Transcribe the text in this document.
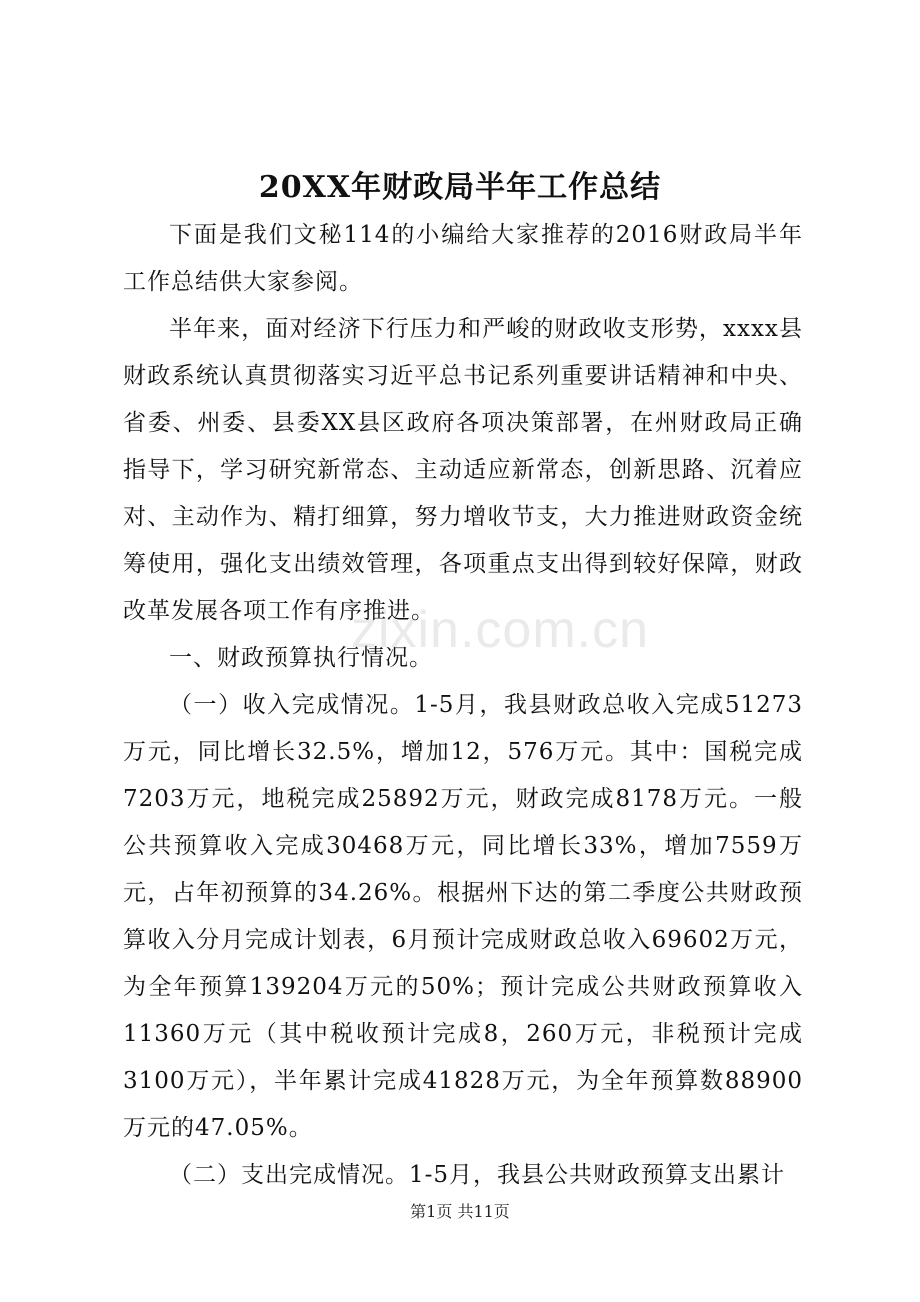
20XX年财政局半年工作总结

下面是我们文秘114的小编给大家推荐的2016财政局半年工作总结供大家参阅。

半年来，面对经济下行压力和严峻的财政收支形势，xxxx县财政系统认真贯彻落实习近平总书记系列重要讲话精神和中央、省委、州委、县委XX县区政府各项决策部署，在州财政局正确指导下，学习研究新常态、主动适应新常态，创新思路、沉着应对、主动作为、精打细算，努力增收节支，大力推进财政资金统筹使用，强化支出绩效管理，各项重点支出得到较好保障，财政改革发展各项工作有序推进。

一、财政预算执行情况。

（一）收入完成情况。1-5月，我县财政总收入完成51273万元，同比增长32.5%，增加12，576万元。其中：国税完成7203万元，地税完成25892万元，财政完成8178万元。一般公共预算收入完成30468万元，同比增长33%，增加7559万元，占年初预算的34.26%。根据州下达的第二季度公共财政预算收入分月完成计划表，6月预计完成财政总收入69602万元，为全年预算139204万元的50%；预计完成公共财政预算收入11360万元（其中税收预计完成8，260万元，非税预计完成3100万元），半年累计完成41828万元，为全年预算数88900万元的47.05%。

（二）支出完成情况。1-5月，我县公共财政预算支出累计

zixin.com.cn
第1页 共11页
